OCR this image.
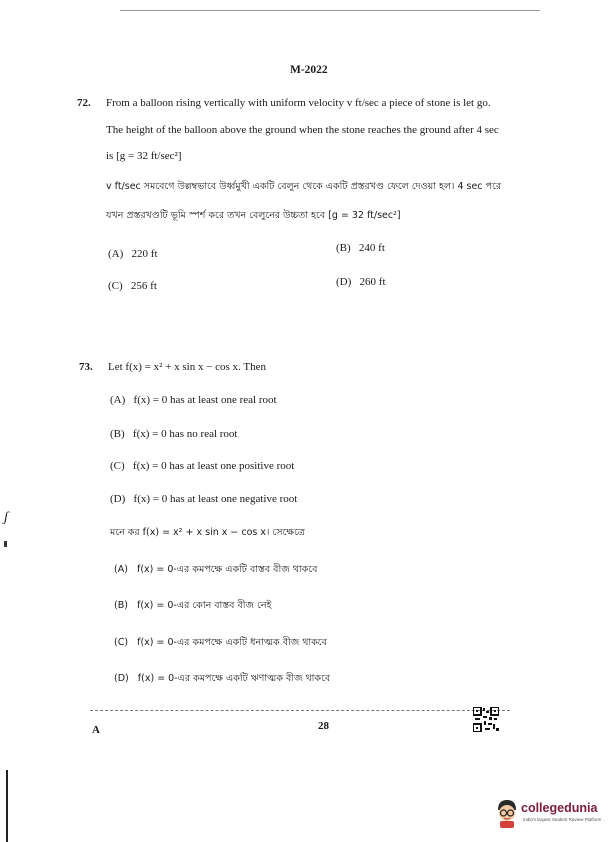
M-2022
72. From a balloon rising vertically with uniform velocity v ft/sec a piece of stone is let go.
The height of the balloon above the ground when the stone reaches the ground after 4 sec
is [g = 32 ft/sec²]
v ft/sec সমবেগে উল্লম্বভাবে উর্ধ্বমুখী একটি বেলুন থেকে একটি প্রস্তরখণ্ড ফেলে দেওয়া হল। 4 sec পরে
যখন প্রস্তরখণ্ডটি ভূমি স্পর্শ করে তখন বেলুনের উচ্চতা হবে [g = 32 ft/sec²]
(A) 220 ft	(B) 240 ft
(C) 256 ft	(D) 260 ft
73. Let f(x) = x² + x sin x − cos x. Then
(A) f(x) = 0 has at least one real root
(B) f(x) = 0 has no real root
(C) f(x) = 0 has at least one positive root
(D) f(x) = 0 has at least one negative root
মনে কর f(x) = x² + x sin x − cos x। সেক্ষেত্রে
(A) f(x) = 0-এর কমপক্ষে একটি বাস্তব বীজ থাকবে
(B) f(x) = 0-এর কোন বাস্তব বীজ নেই
(C) f(x) = 0-এর কমপক্ষে একটি ধনাত্মক বীজ থাকবে
(D) f(x) = 0-এর কমপক্ষে একটি ঋণাত্মক বীজ থাকবে
A	28
ʃ
collegedunia
India's largest Student Review Platform
